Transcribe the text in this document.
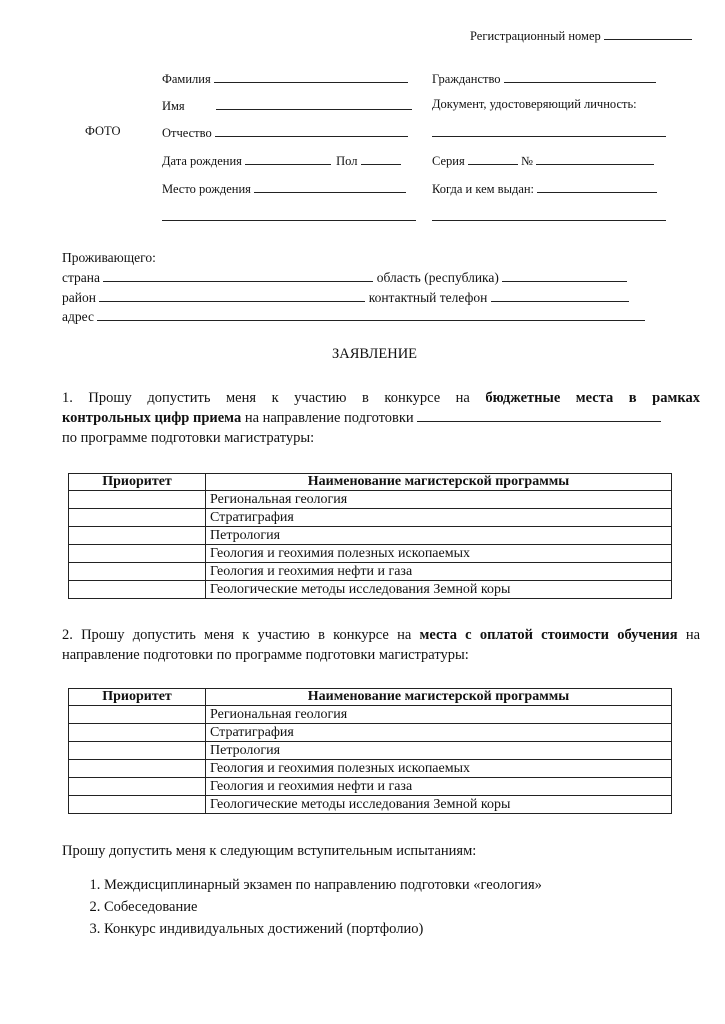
Регистрационный номер
ФОТО
Фамилия
Имя
Отчество
Дата рождения	Пол
Место рождения
Гражданство
Документ, удостоверяющий личность:
Серия	№
Когда и кем выдан:
Проживающего:
страна	область (республика)
район	контактный телефон
адрес
ЗАЯВЛЕНИЕ
1. Прошу допустить меня к участию в конкурсе на бюджетные места в рамках
контрольных цифр приема на направление подготовки
по программе подготовки магистратуры:
Приоритет	Наименование магистерской программы
	Региональная геология
	Стратиграфия
	Петрология
	Геология и геохимия полезных ископаемых
	Геология и геохимия нефти и газа
	Геологические методы исследования Земной коры
2. Прошу допустить меня к участию в конкурсе на места с оплатой стоимости обучения на
направление подготовки по программе подготовки магистратуры:
Приоритет	Наименование магистерской программы
	Региональная геология
	Стратиграфия
	Петрология
	Геология и геохимия полезных ископаемых
	Геология и геохимия нефти и газа
	Геологические методы исследования Земной коры
Прошу допустить меня к следующим вступительным испытаниям:
1. Междисциплинарный экзамен по направлению подготовки «геология»
2. Собеседование
3. Конкурс индивидуальных достижений (портфолио)
